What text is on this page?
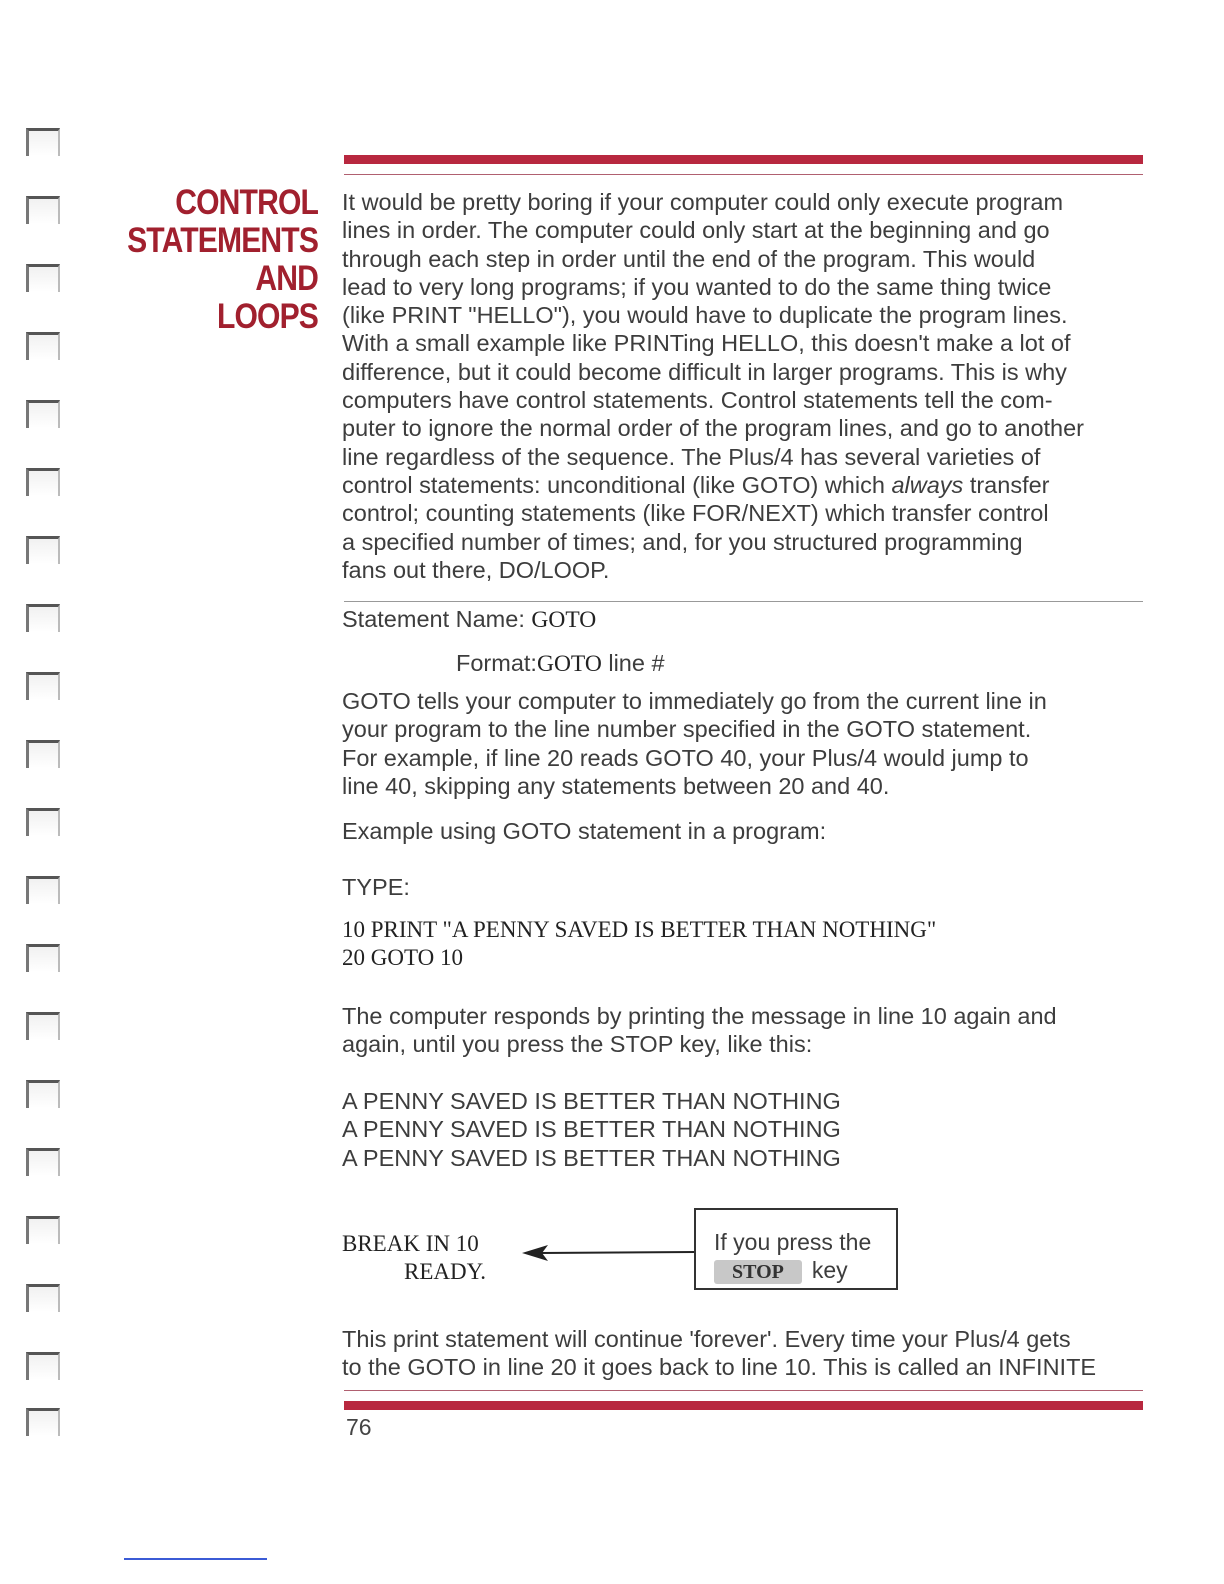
CONTROL
STATEMENTS
AND
LOOPS

It would be pretty boring if your computer could only execute program

lines in order. The computer could only start at the beginning and go

through each step in order until the end of the program. This would

lead to very long programs; if you wanted to do the same thing twice

(like PRINT "HELLO"), you would have to duplicate the program lines.

With a small example like PRINTing HELLO, this doesn't make a lot of

difference, but it could become difficult in larger programs. This is why

computers have control statements. Control statements tell the com-

puter to ignore the normal order of the program lines, and go to another

line regardless of the sequence. The Plus/4 has several varieties of

control statements: unconditional (like GOTO) which always transfer

control; counting statements (like FOR/NEXT) which transfer control

a specified number of times; and, for you structured programming

fans out there, DO/LOOP.

Statement Name: GOTO
Format:GOTO line #

GOTO tells your computer to immediately go from the current line in

your program to the line number specified in the GOTO statement.

For example, if line 20 reads GOTO 40, your Plus/4 would jump to

line 40, skipping any statements between 20 and 40.

Example using GOTO statement in a program:
TYPE:

10 PRINT "A PENNY SAVED IS BETTER THAN NOTHING"

20 GOTO 10

The computer responds by printing the message in line 10 again and

again, until you press the STOP key, like this:

A PENNY SAVED IS BETTER THAN NOTHING

A PENNY SAVED IS BETTER THAN NOTHING

A PENNY SAVED IS BETTER THAN NOTHING

BREAK IN 10
READY.
If you press the
STOP key

This print statement will continue 'forever'. Every time your Plus/4 gets

to the GOTO in line 20 it goes back to line 10. This is called an INFINITE

76
